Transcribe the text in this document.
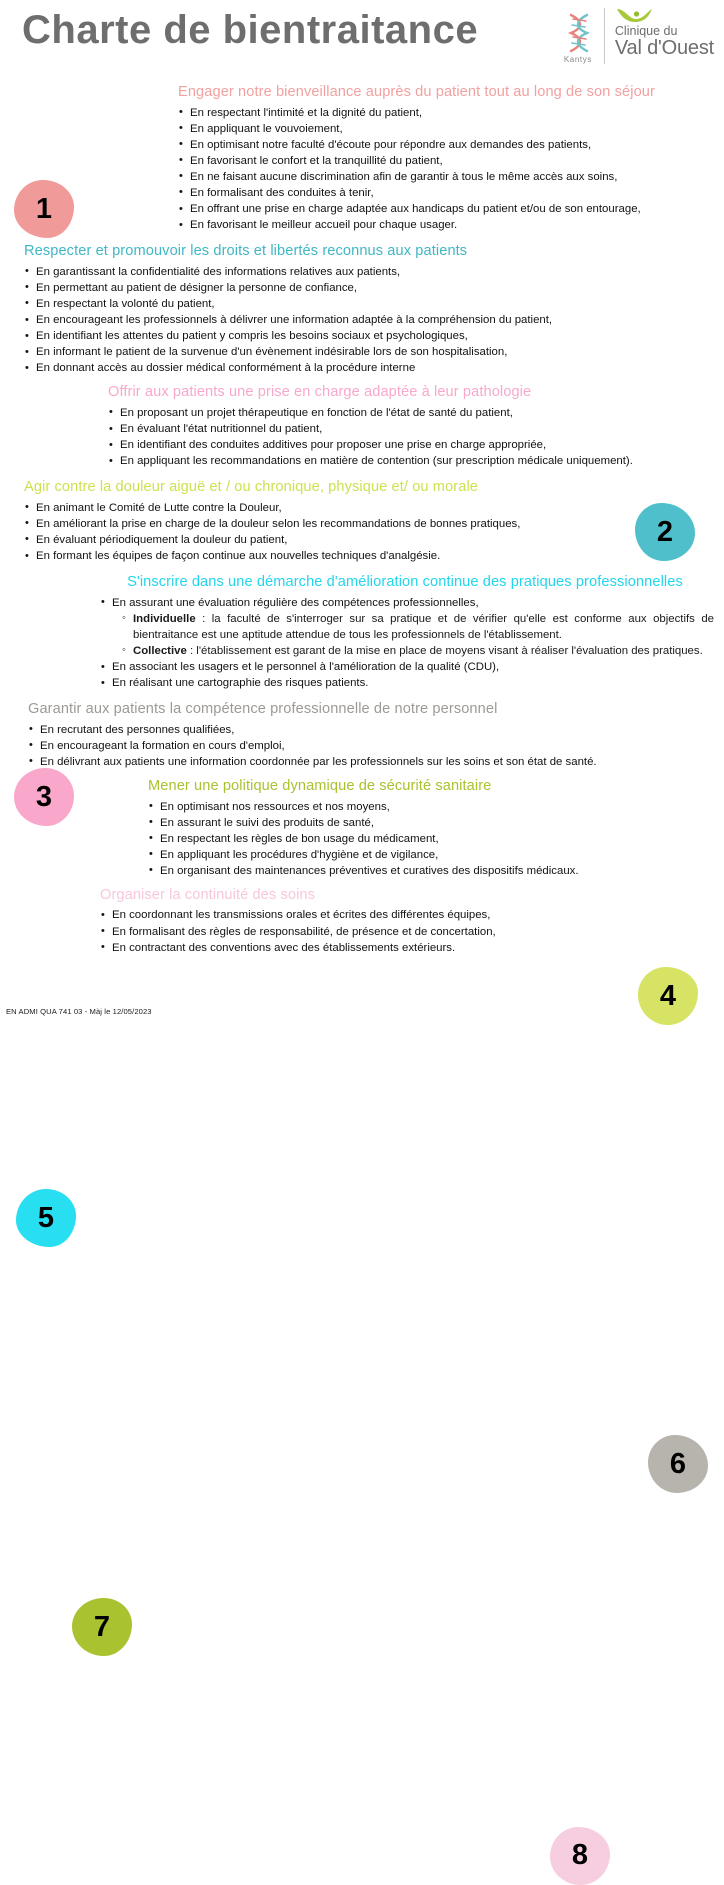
Charte de bientraitance
Kantys
Clinique du
Val d'Ouest
1
Engager notre bienveillance auprès du patient tout au long de son séjour
• En respectant l'intimité et la dignité du patient,
• En appliquant le vouvoiement,
• En optimisant notre faculté d'écoute pour répondre aux demandes des patients,
• En favorisant le confort et la tranquillité du patient,
• En ne faisant aucune discrimination afin de garantir à tous le même accès aux soins,
• En formalisant des conduites à tenir,
• En offrant une prise en charge adaptée aux handicaps du patient et/ou de son entourage,
• En favorisant le meilleur accueil pour chaque usager.
2
Respecter et promouvoir les droits et libertés reconnus aux patients
• En garantissant la confidentialité des informations relatives aux patients,
• En permettant au patient de désigner la personne de confiance,
• En respectant la volonté du patient,
• En encourageant les professionnels à délivrer une information adaptée à la compréhension du patient,
• En identifiant les attentes du patient y compris les besoins sociaux et psychologiques,
• En informant le patient de la survenue d'un évènement indésirable lors de son hospitalisation,
• En donnant accès au dossier médical conformément à la procédure interne
3
Offrir aux patients une prise en charge adaptée à leur pathologie
• En proposant un projet thérapeutique en fonction de l'état de santé du patient,
• En évaluant l'état nutritionnel du patient,
• En identifiant des conduites additives pour proposer une prise en charge appropriée,
• En appliquant les recommandations en matière de contention (sur prescription médicale uniquement).
4
Agir contre la douleur aiguë et / ou chronique, physique et/ ou morale
• En animant le Comité de Lutte contre la Douleur,
• En améliorant la prise en charge de la douleur selon les recommandations de bonnes pratiques,
• En évaluant périodiquement la douleur du patient,
• En formant les équipes de façon continue aux nouvelles techniques d'analgésie.
5
S'inscrire dans une démarche d'amélioration continue des pratiques professionnelles
• En assurant une évaluation régulière des compétences professionnelles,
◦ Individuelle : la faculté de s'interroger sur sa pratique et de vérifier qu'elle est conforme aux objectifs de bientraitance est une aptitude attendue de tous les professionnels de l'établissement.
◦ Collective : l'établissement est garant de la mise en place de moyens visant à réaliser l'évaluation des pratiques.
• En associant les usagers et le personnel à l'amélioration de la qualité (CDU),
• En réalisant une cartographie des risques patients.
6
Garantir aux patients la compétence professionnelle de notre personnel
• En recrutant des personnes qualifiées,
• En encourageant la formation en cours d'emploi,
• En délivrant aux patients une information coordonnée par les professionnels sur les soins et son état de santé.
7
Mener une politique dynamique de sécurité sanitaire
• En optimisant nos ressources et nos moyens,
• En assurant le suivi des produits de santé,
• En respectant les règles de bon usage du médicament,
• En appliquant les procédures d'hygiène et de vigilance,
• En organisant des maintenances préventives et curatives des dispositifs médicaux.
8
Organiser la continuité des soins
• En coordonnant les transmissions orales et écrites des différentes équipes,
• En formalisant des règles de responsabilité, de présence et de concertation,
• En contractant des conventions avec des établissements extérieurs.
EN ADMI QUA 741 03 - Màj le 12/05/2023
